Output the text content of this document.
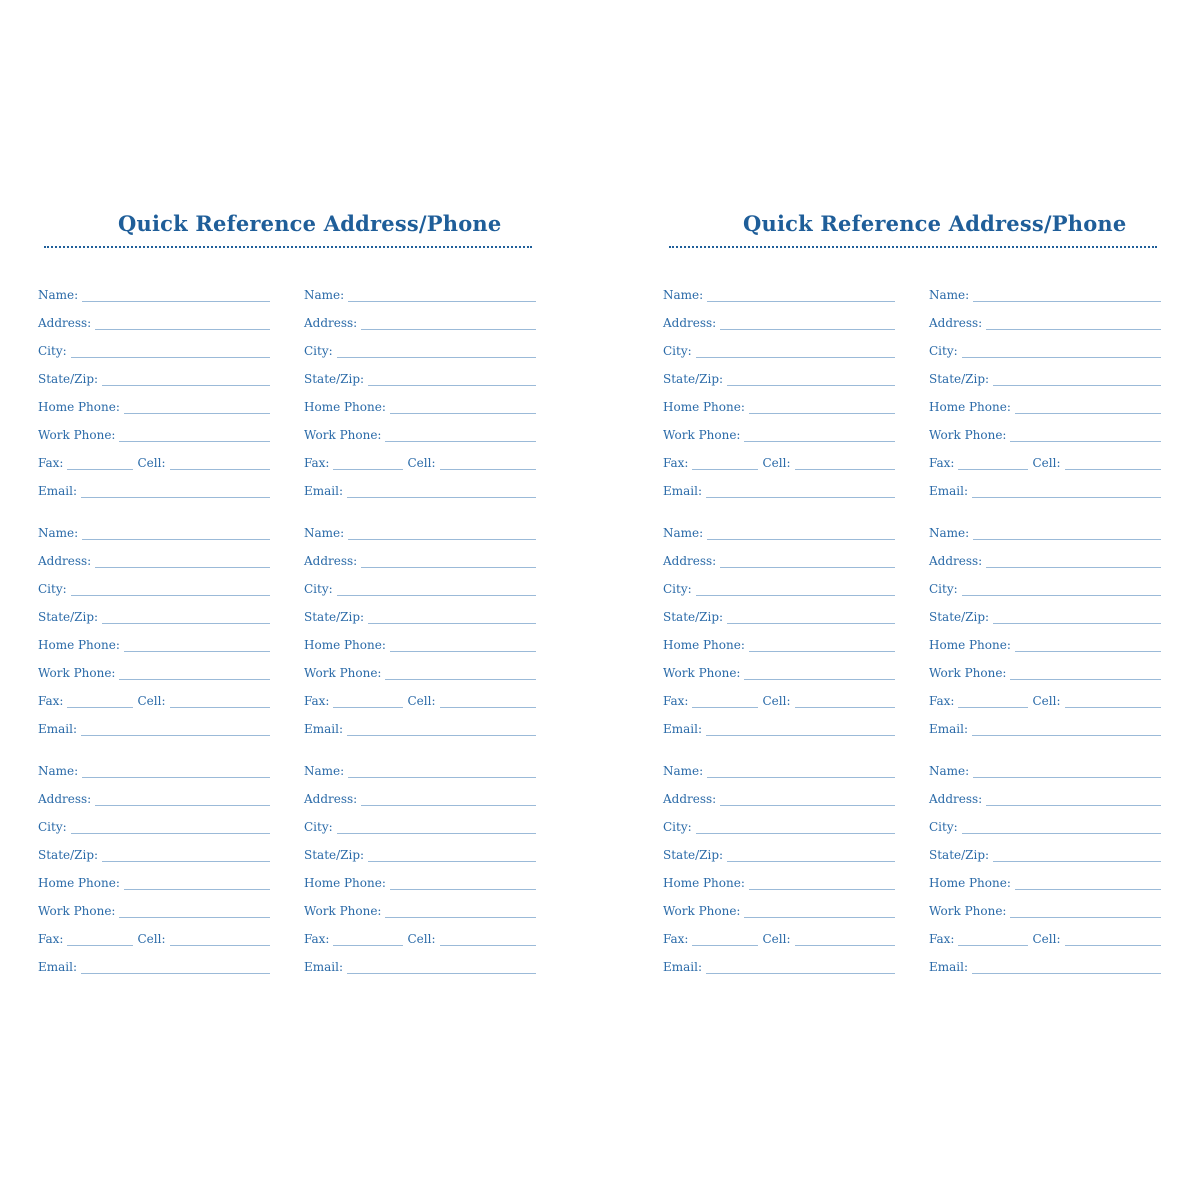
Quick Reference Address/Phone
Name:
Address:
City:
State/Zip:
Home Phone:
Work Phone:
Fax:	Cell:
Email:
Name:
Address:
City:
State/Zip:
Home Phone:
Work Phone:
Fax:	Cell:
Email:
Name:
Address:
City:
State/Zip:
Home Phone:
Work Phone:
Fax:	Cell:
Email:
Name:
Address:
City:
State/Zip:
Home Phone:
Work Phone:
Fax:	Cell:
Email:
Name:
Address:
City:
State/Zip:
Home Phone:
Work Phone:
Fax:	Cell:
Email:
Name:
Address:
City:
State/Zip:
Home Phone:
Work Phone:
Fax:	Cell:
Email:
Quick Reference Address/Phone
Name:
Address:
City:
State/Zip:
Home Phone:
Work Phone:
Fax:	Cell:
Email:
Name:
Address:
City:
State/Zip:
Home Phone:
Work Phone:
Fax:	Cell:
Email:
Name:
Address:
City:
State/Zip:
Home Phone:
Work Phone:
Fax:	Cell:
Email:
Name:
Address:
City:
State/Zip:
Home Phone:
Work Phone:
Fax:	Cell:
Email:
Name:
Address:
City:
State/Zip:
Home Phone:
Work Phone:
Fax:	Cell:
Email:
Name:
Address:
City:
State/Zip:
Home Phone:
Work Phone:
Fax:	Cell:
Email:
